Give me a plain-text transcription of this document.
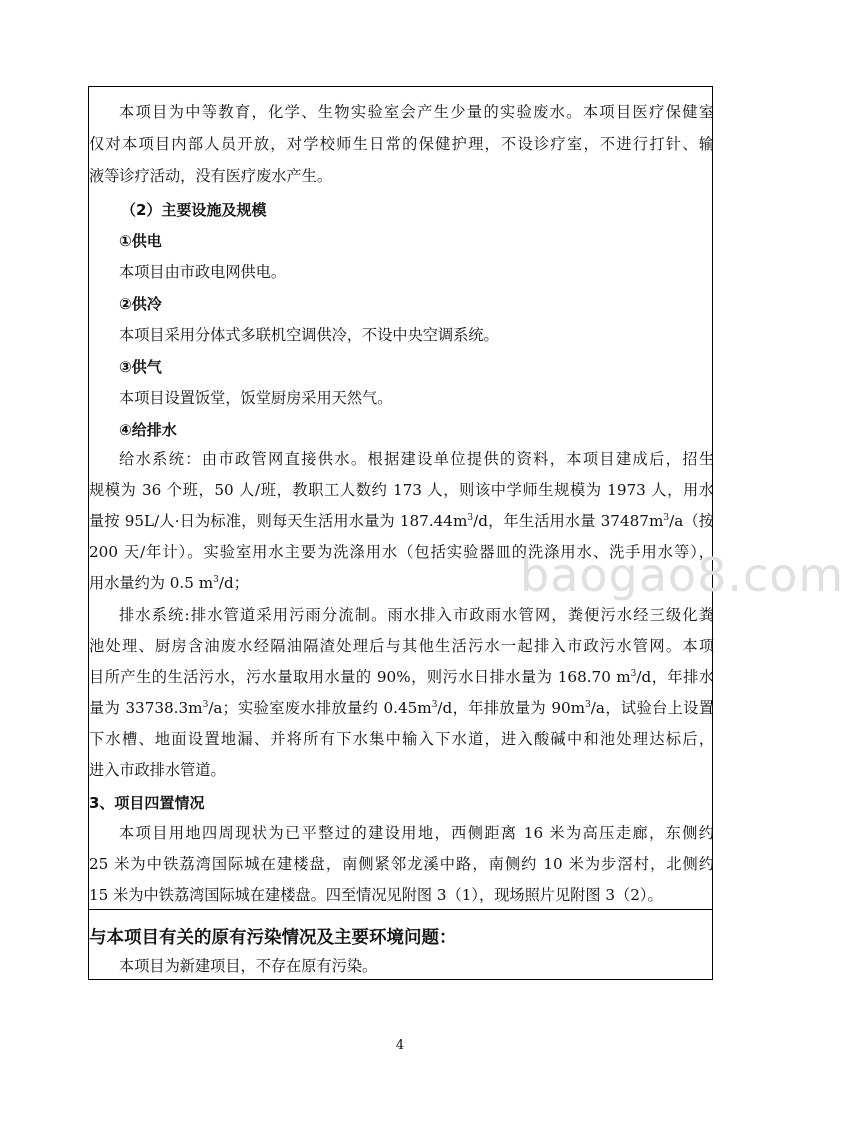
本项目为中等教育，化学、生物实验室会产生少量的实验废水。本项目医疗保健室
仅对本项目内部人员开放，对学校师生日常的保健护理，不设诊疗室，不进行打针、输
液等诊疗活动，没有医疗废水产生。
（2）主要设施及规模
①供电
本项目由市政电网供电。
②供冷
本项目采用分体式多联机空调供冷，不设中央空调系统。
③供气
本项目设置饭堂，饭堂厨房采用天然气。
④给排水
给水系统：由市政管网直接供水。根据建设单位提供的资料，本项目建成后，招生
规模为 36 个班，50 人/班，教职工人数约 173 人，则该中学师生规模为 1973 人，用水
量按 95L/人·日为标准，则每天生活用水量为 $187.44m^3/d$，年生活用水量 $37487m^3/a$（按
200 天/年计）。实验室用水主要为洗涤用水（包括实验器皿的洗涤用水、洗手用水等），
用水量约为 0.5 $m^3/d$；
排水系统:排水管道采用污雨分流制。雨水排入市政雨水管网，粪便污水经三级化粪
池处理、厨房含油废水经隔油隔渣处理后与其他生活污水一起排入市政污水管网。本项
目所产生的生活污水，污水量取用水量的 90%，则污水日排水量为 168.70 $m^3/d$，年排水
量为 $33738.3m^3/a$；实验室废水排放量约 $0.45m^3/d$，年排放量为 $90m^3/a$，试验台上设置
下水槽、地面设置地漏、并将所有下水集中输入下水道，进入酸碱中和池处理达标后，
进入市政排水管道。
3、项目四置情况
本项目用地四周现状为已平整过的建设用地，西侧距离 16 米为高压走廊，东侧约
25 米为中铁荔湾国际城在建楼盘，南侧紧邻龙溪中路，南侧约 10 米为步滘村，北侧约
15 米为中铁荔湾国际城在建楼盘。四至情况见附图 3（1），现场照片见附图 3（2）。
与本项目有关的原有污染情况及主要环境问题：
本项目为新建项目，不存在原有污染。
baogao8.com
4
